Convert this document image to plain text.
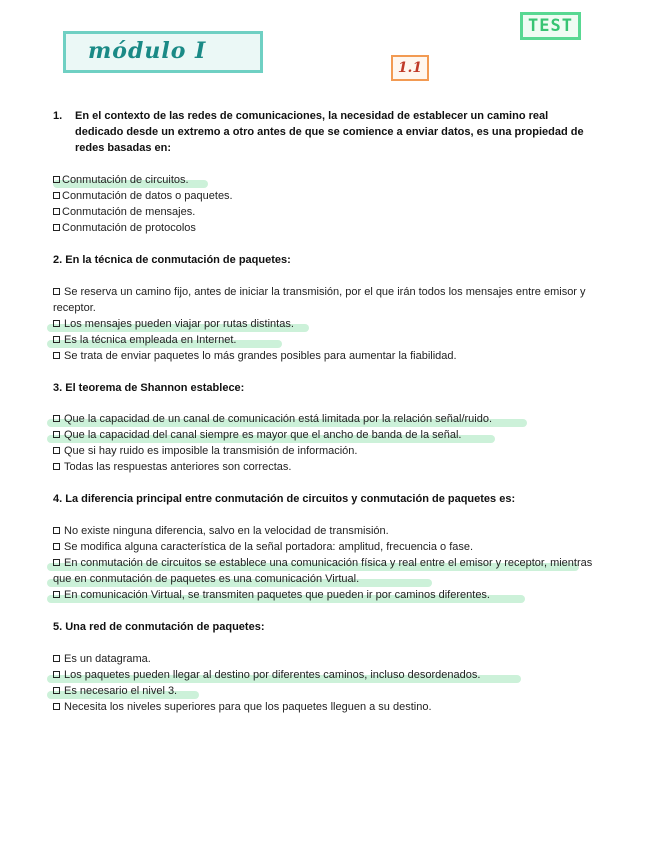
módulo I
TEST
1.1
1. En el contexto de las redes de comunicaciones, la necesidad de establecer un camino real dedicado desde un extremo a otro antes de que se comience a enviar datos, es una propiedad de redes basadas en:
Conmutación de circuitos.
Conmutación de datos o paquetes.
Conmutación de mensajes.
Conmutación de protocolos
2. En la técnica de conmutación de paquetes:
Se reserva un camino fijo, antes de iniciar la transmisión, por el que irán todos los mensajes entre emisor y receptor.
Los mensajes pueden viajar por rutas distintas.
Es la técnica empleada en Internet.
Se trata de enviar paquetes lo más grandes posibles para aumentar la fiabilidad.
3. El teorema de Shannon establece:
Que la capacidad de un canal de comunicación está limitada por la relación señal/ruido.
Que la capacidad del canal siempre es mayor que el ancho de banda de la señal.
Que si hay ruido es imposible la transmisión de información.
Todas las respuestas anteriores son correctas.
4. La diferencia principal entre conmutación de circuitos y conmutación de paquetes es:
No existe ninguna diferencia, salvo en la velocidad de transmisión.
Se modifica alguna característica de la señal portadora: amplitud, frecuencia o fase.
En conmutación de circuitos se establece una comunicación física y real entre el emisor y receptor, mientras que en conmutación de paquetes es una comunicación Virtual.
En comunicación Virtual, se transmiten paquetes que pueden ir por caminos diferentes.
5. Una red de conmutación de paquetes:
Es un datagrama.
Los paquetes pueden llegar al destino por diferentes caminos, incluso desordenados.
Es necesario el nivel 3.
Necesita los niveles superiores para que los paquetes lleguen a su destino.
